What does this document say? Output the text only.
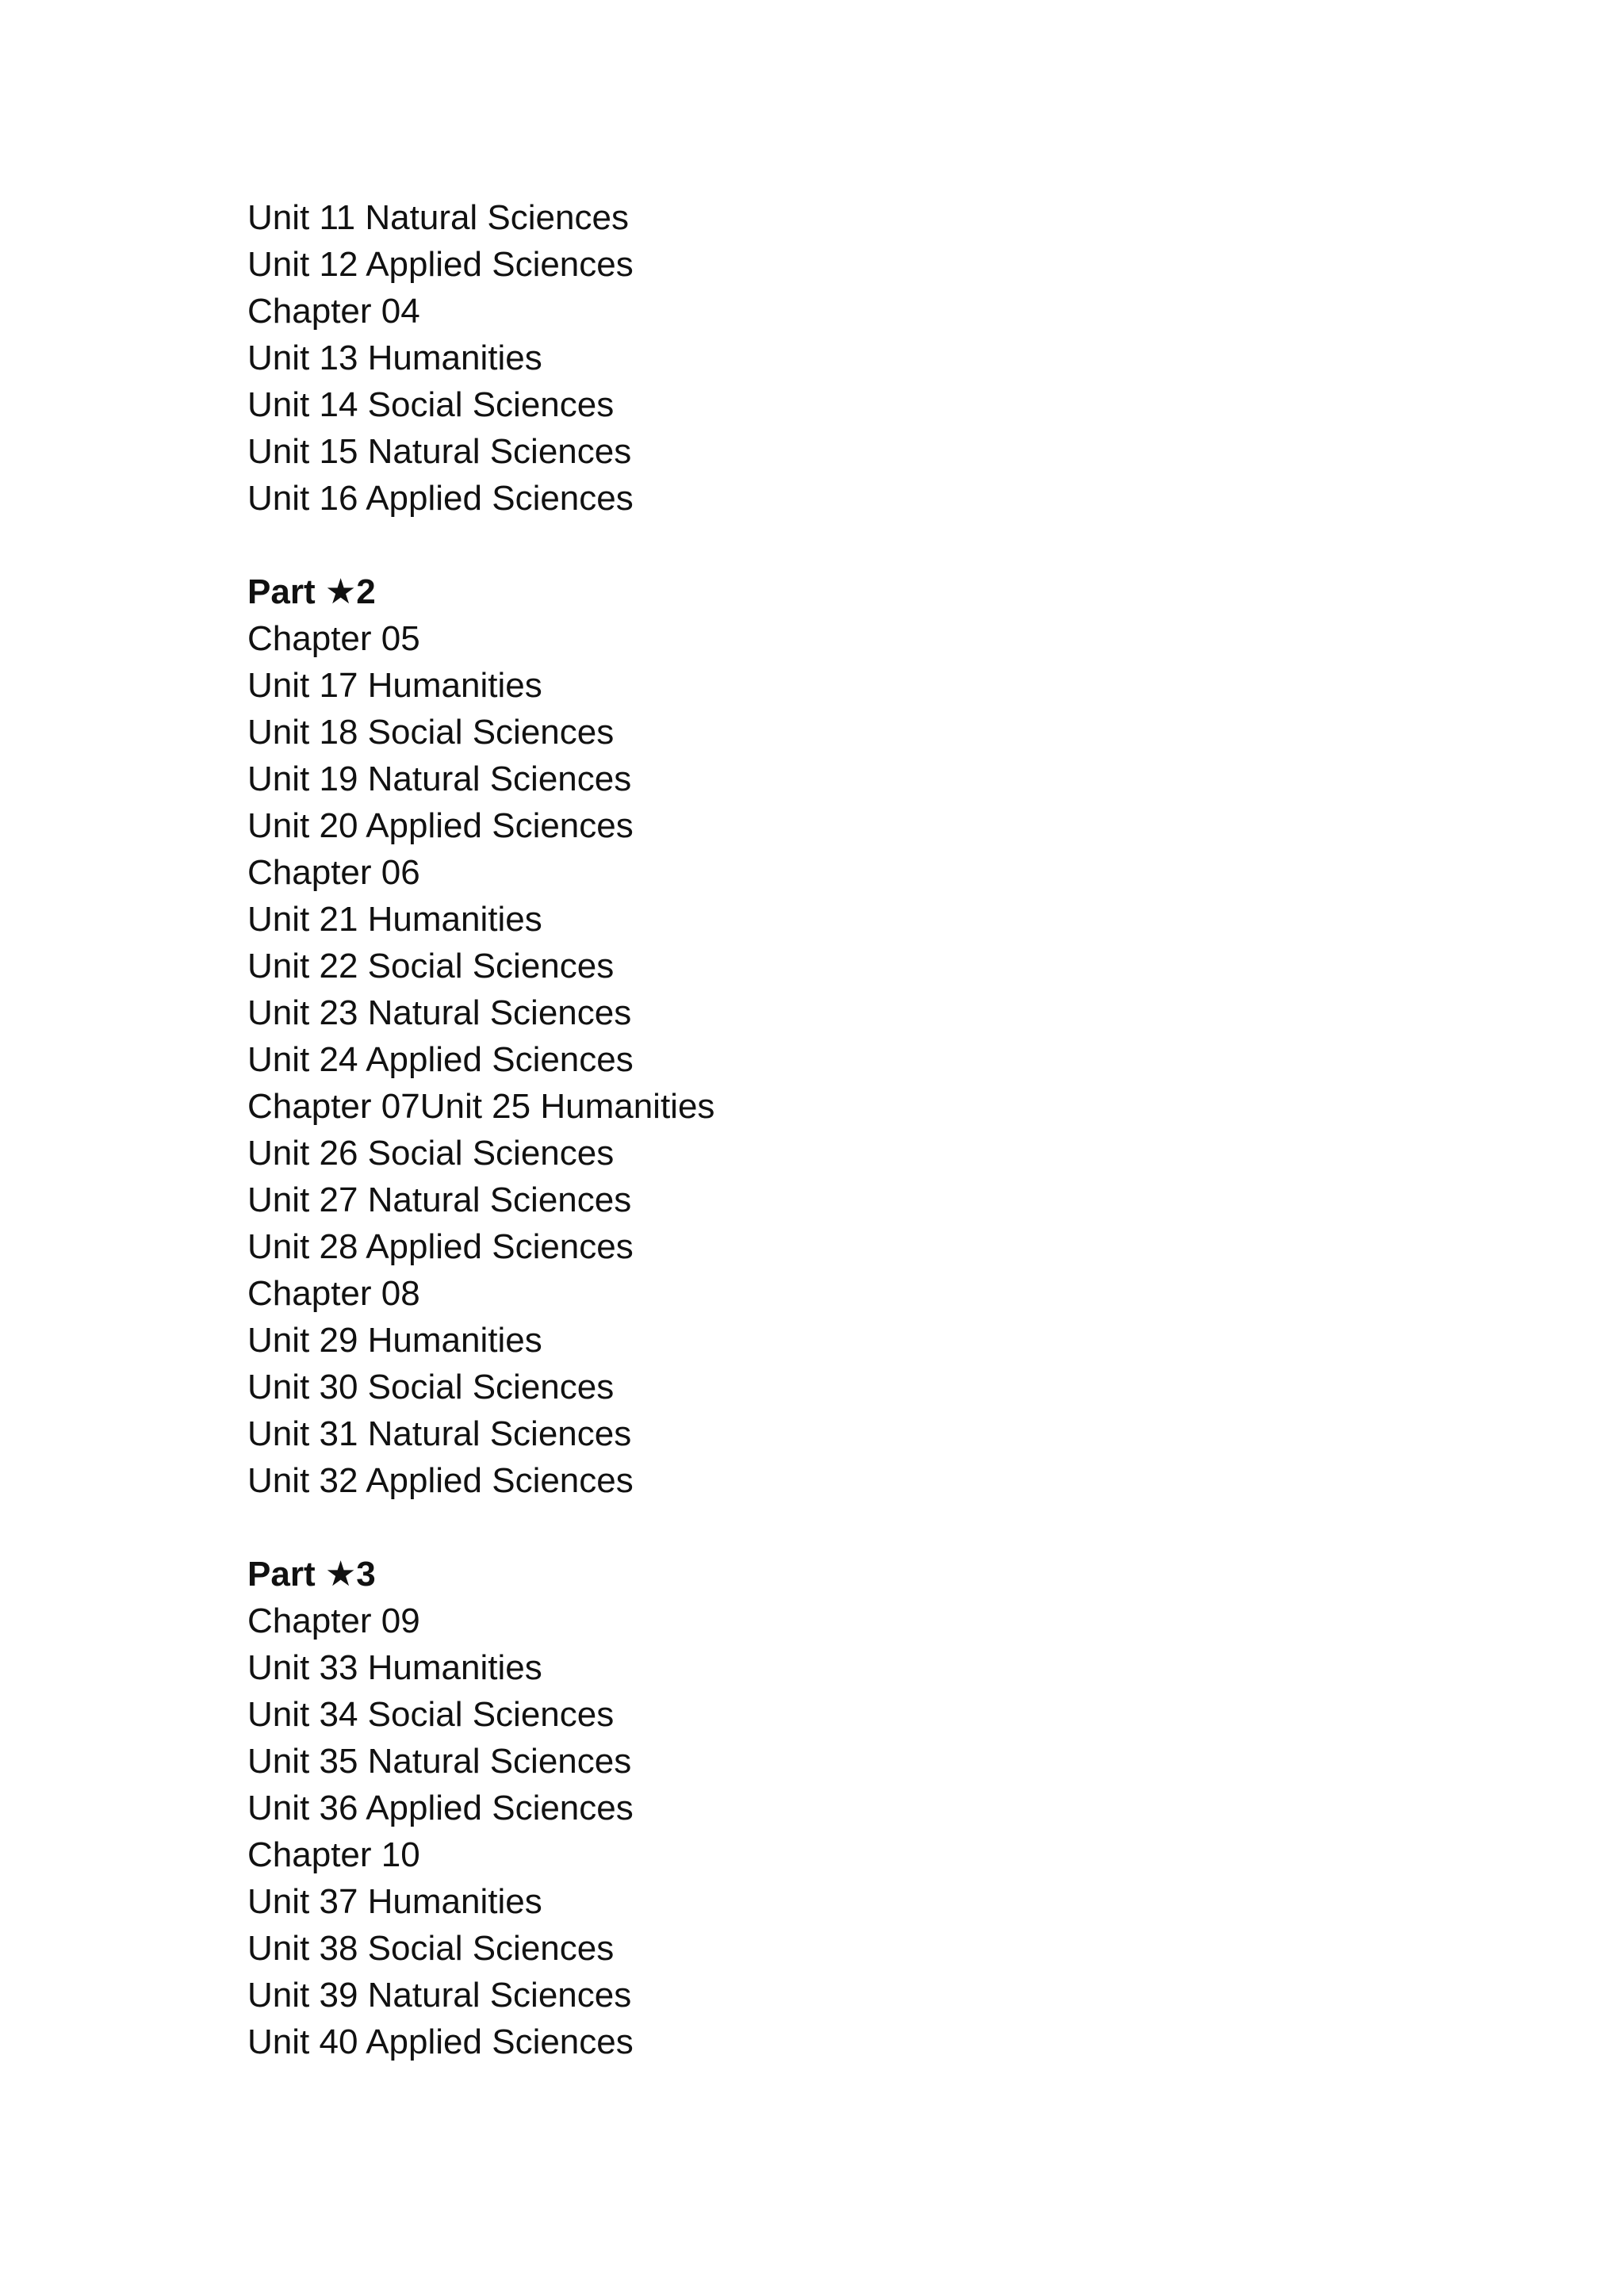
Unit 11 Natural Sciences
Unit 12 Applied Sciences
Chapter 04
Unit 13 Humanities
Unit 14 Social Sciences
Unit 15 Natural Sciences
Unit 16 Applied Sciences
Part ★2
Chapter 05
Unit 17 Humanities
Unit 18 Social Sciences
Unit 19 Natural Sciences
Unit 20 Applied Sciences
Chapter 06
Unit 21 Humanities
Unit 22 Social Sciences
Unit 23 Natural Sciences
Unit 24 Applied Sciences
Chapter 07Unit 25 Humanities
Unit 26 Social Sciences
Unit 27 Natural Sciences
Unit 28 Applied Sciences
Chapter 08
Unit 29 Humanities
Unit 30 Social Sciences
Unit 31 Natural Sciences
Unit 32 Applied Sciences
Part ★3
Chapter 09
Unit 33 Humanities
Unit 34 Social Sciences
Unit 35 Natural Sciences
Unit 36 Applied Sciences
Chapter 10
Unit 37 Humanities
Unit 38 Social Sciences
Unit 39 Natural Sciences
Unit 40 Applied Sciences
